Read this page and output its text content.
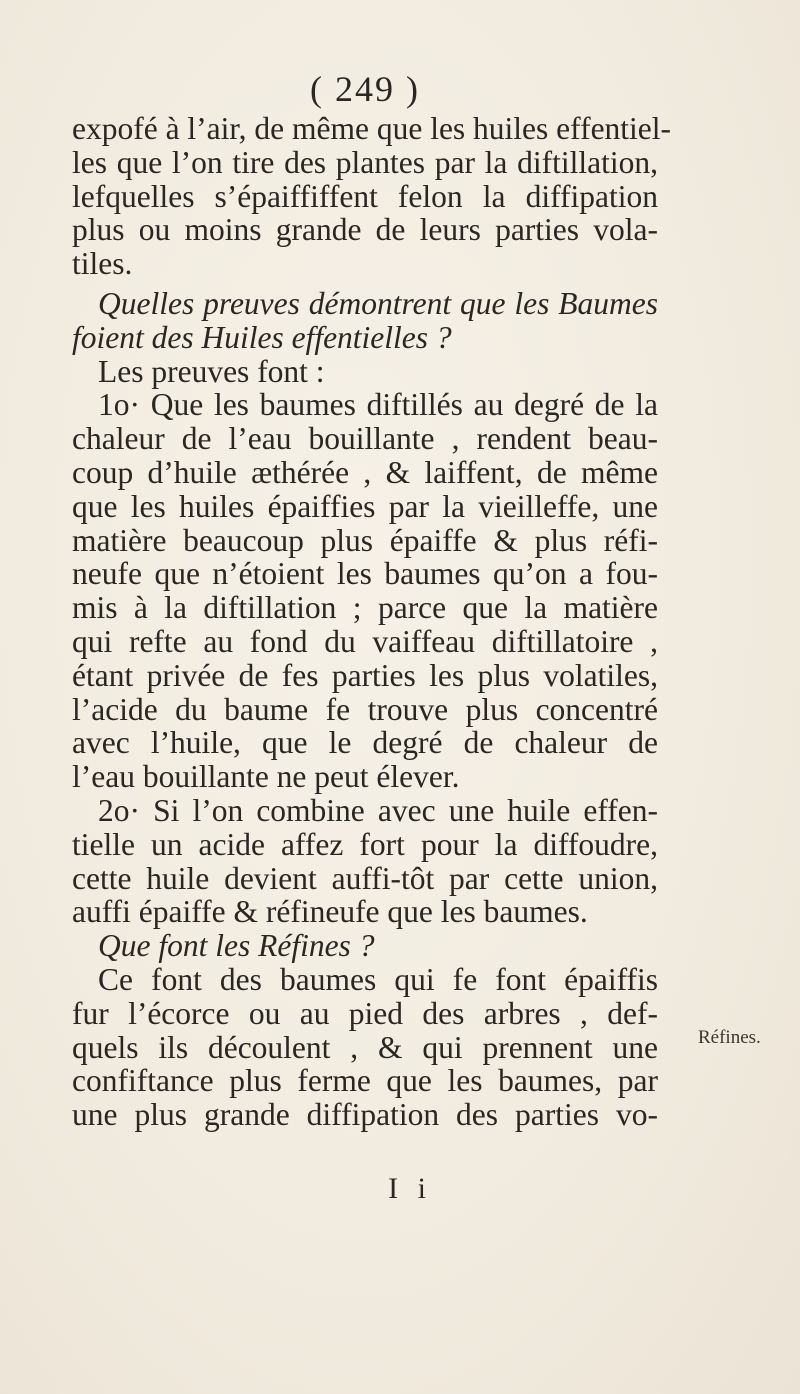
( 249 )
expofé à l’air, de même que les huiles effentiel-
les que l’on tire des plantes par la diftillation,
lefquelles s’épaiffiffent felon la diffipation
plus ou moins grande de leurs parties vola-
tiles.
Quelles preuves démontrent que les Baumes
foient des Huiles effentielles ?
Les preuves font :
1o· Que les baumes diftillés au degré de la
chaleur de l’eau bouillante , rendent beau-
coup d’huile æthérée , & laiffent, de même
que les huiles épaiffies par la vieilleffe, une
matière beaucoup plus épaiffe & plus réfi-
neufe que n’étoient les baumes qu’on a fou-
mis à la diftillation ; parce que la matière
qui refte au fond du vaiffeau diftillatoire ,
étant privée de fes parties les plus volatiles,
l’acide du baume fe trouve plus concentré
avec l’huile, que le degré de chaleur de
l’eau bouillante ne peut élever.
2o· Si l’on combine avec une huile effen-
tielle un acide affez fort pour la diffoudre,
cette huile devient auffi-tôt par cette union,
auffi épaiffe & réfineufe que les baumes.
Que font les Réfines ?
Ce font des baumes qui fe font épaiffis
fur l’écorce ou au pied des arbres , def-
quels ils découlent , & qui prennent une
confiftance plus ferme que les baumes, par
une plus grande diffipation des parties vo-
Réfines.
I i
